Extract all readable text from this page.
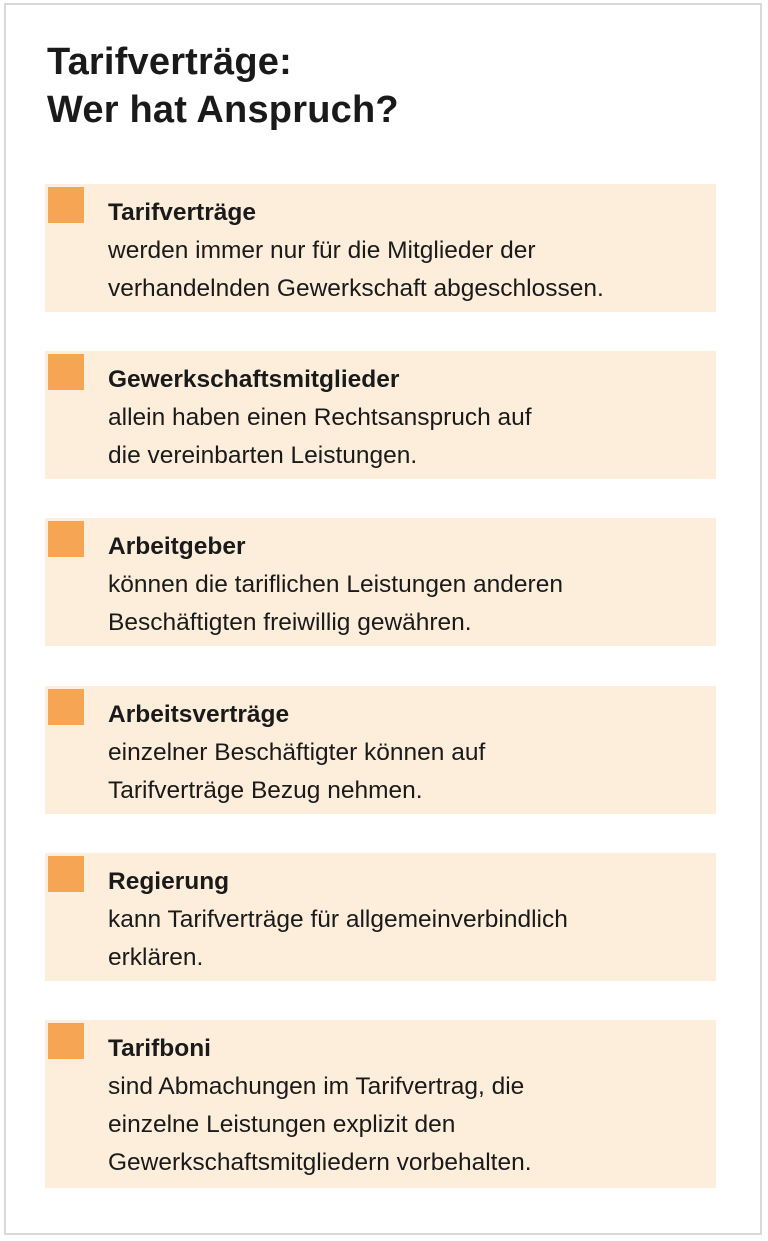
Tarifverträge:
Wer hat Anspruch?
Tarifverträge
werden immer nur für die Mitglieder der
verhandelnden Gewerkschaft abgeschlossen.
Gewerkschaftsmitglieder
allein haben einen Rechtsanspruch auf
die vereinbarten Leistungen.
Arbeitgeber
können die tariflichen Leistungen anderen
Beschäftigten freiwillig gewähren.
Arbeitsverträge
einzelner Beschäftigter können auf
Tarifverträge Bezug nehmen.
Regierung
kann Tarifverträge für allgemeinverbindlich
erklären.
Tarifboni
sind Abmachungen im Tarifvertrag, die
einzelne Leistungen explizit den
Gewerkschaftsmitgliedern vorbehalten.
